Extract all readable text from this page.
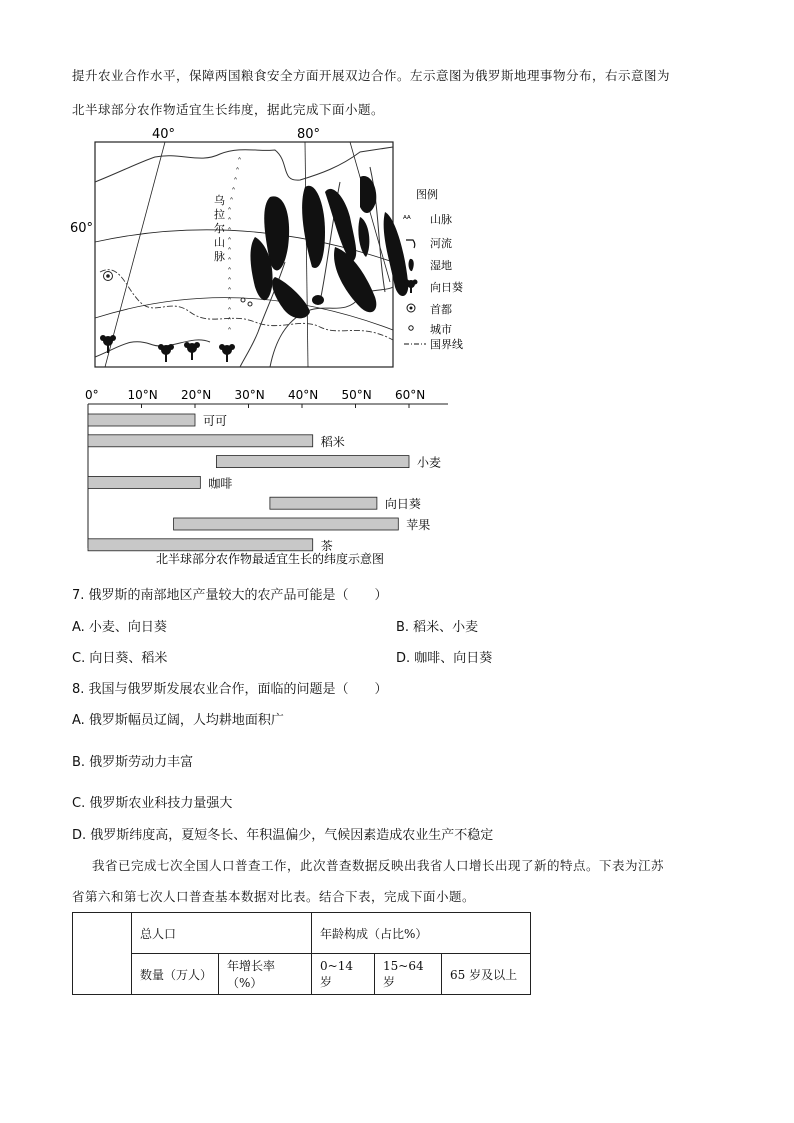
提升农业合作水平，保障两国粮食安全方面开展双边合作。左示意图为俄罗斯地理事物分布，右示意图为
北半球部分农作物适宜生长纬度，据此完成下面小题。
40°	80°
60°
ᴬ
ᴬ
ᴬ
ᴬ
ᴬ
ᴬ
ᴬ
ᴬ
ᴬ
ᴬ
ᴬ
ᴬ
ᴬ
ᴬ
ᴬ
ᴬ
ᴬ
ᴬ
乌
拉
尔
山
脉
图例
ᴬᴬ 山脉
河流
湿地
向日葵
首都
城市
国界线
0° 10°N 20°N 30°N 40°N 50°N 60°N
可可
稻米
小麦
咖啡
向日葵
苹果
茶
北半球部分农作物最适宜生长的纬度示意图
7. 俄罗斯的南部地区产量较大的农产品可能是（　　）
A. 小麦、向日葵	B. 稻米、小麦
C. 向日葵、稻米	D. 咖啡、向日葵
8. 我国与俄罗斯发展农业合作，面临的问题是（　　）
A. 俄罗斯幅员辽阔，人均耕地面积广
B. 俄罗斯劳动力丰富
C. 俄罗斯农业科技力量强大
D. 俄罗斯纬度高，夏短冬长、年积温偏少，气候因素造成农业生产不稳定
我省已完成七次全国人口普查工作，此次普查数据反映出我省人口增长出现了新的特点。下表为江苏
省第六和第七次人口普查基本数据对比表。结合下表，完成下面小题。
	总人口		年龄构成（占比%）		
	数量（万人）	年增长率（%）	0~14 岁	15~64 岁	65 岁及以上
